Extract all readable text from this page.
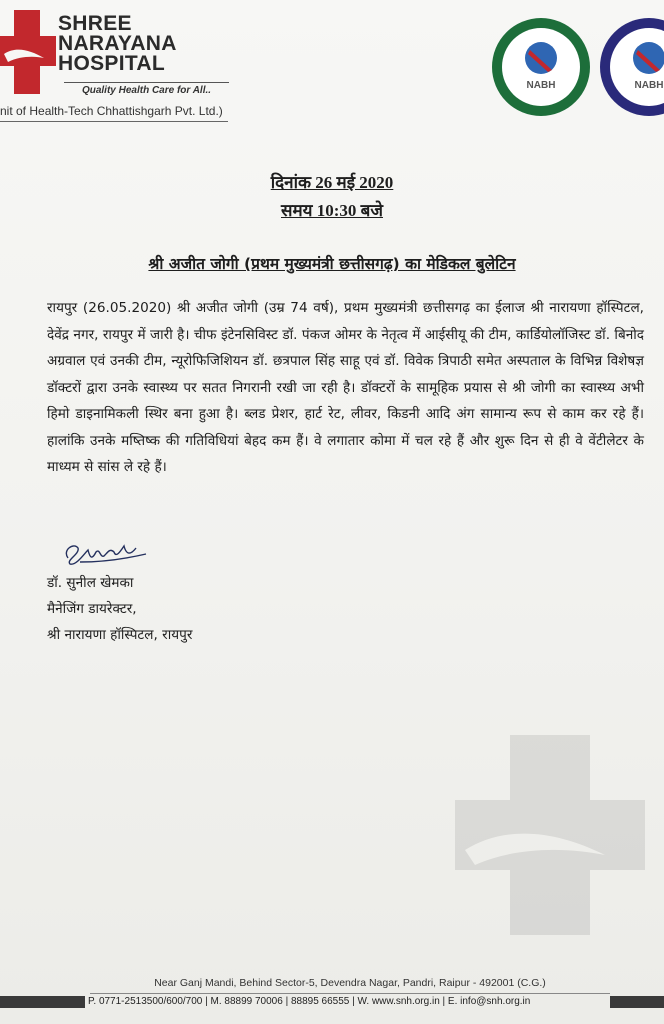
SHREE
NARAYANA
HOSPITAL
Quality Health Care for All..
nit of Health-Tech Chhattishgarh Pvt. Ltd.)
NABH	NABH
दिनांक 26 मई 2020
समय 10:30 बजे
श्री अजीत जोगी (प्रथम मुख्यमंत्री छत्तीसगढ़) का मेडिकल बुलेटिन
रायपुर (26.05.2020) श्री अजीत जोगी (उम्र 74 वर्ष), प्रथम मुख्यमंत्री छत्तीसगढ़ का ईलाज श्री नारायणा हॉस्पिटल, देवेंद्र नगर, रायपुर में जारी है। चीफ इंटेनसिविस्ट डॉ. पंकज ओमर के नेतृत्व में आईसीयू की टीम, कार्डियोलॉजिस्ट डॉ. बिनोद अग्रवाल एवं उनकी टीम, न्यूरोफिजिशियन डॉ. छत्रपाल सिंह साहू एवं डॉ. विवेक त्रिपाठी समेत अस्पताल के विभिन्न विशेषज्ञ डॉक्टरों द्वारा उनके स्वास्थ्य पर सतत निगरानी रखी जा रही है। डॉक्टरों के सामूहिक प्रयास से श्री जोगी का स्वास्थ्य अभी हिमो डाइनामिकली स्थिर बना हुआ है। ब्लड प्रेशर, हार्ट रेट, लीवर, किडनी आदि अंग सामान्य रूप से काम कर रहे हैं। हालांकि उनके मष्तिष्क की गतिविधियां बेहद कम हैं। वे लगातार कोमा में चल रहे हैं और शुरू दिन से ही वे वेंटीलेटर के माध्यम से सांस ले रहे हैं।
डॉ. सुनील खेमका
मैनेजिंग डायरेक्टर,
श्री नारायणा हॉस्पिटल, रायपुर
Near Ganj Mandi, Behind Sector-5, Devendra Nagar, Pandri, Raipur - 492001 (C.G.)
P. 0771-2513500/600/700 | M. 88899 70006 | 88895 66555 | W. www.snh.org.in | E. info@snh.org.in
